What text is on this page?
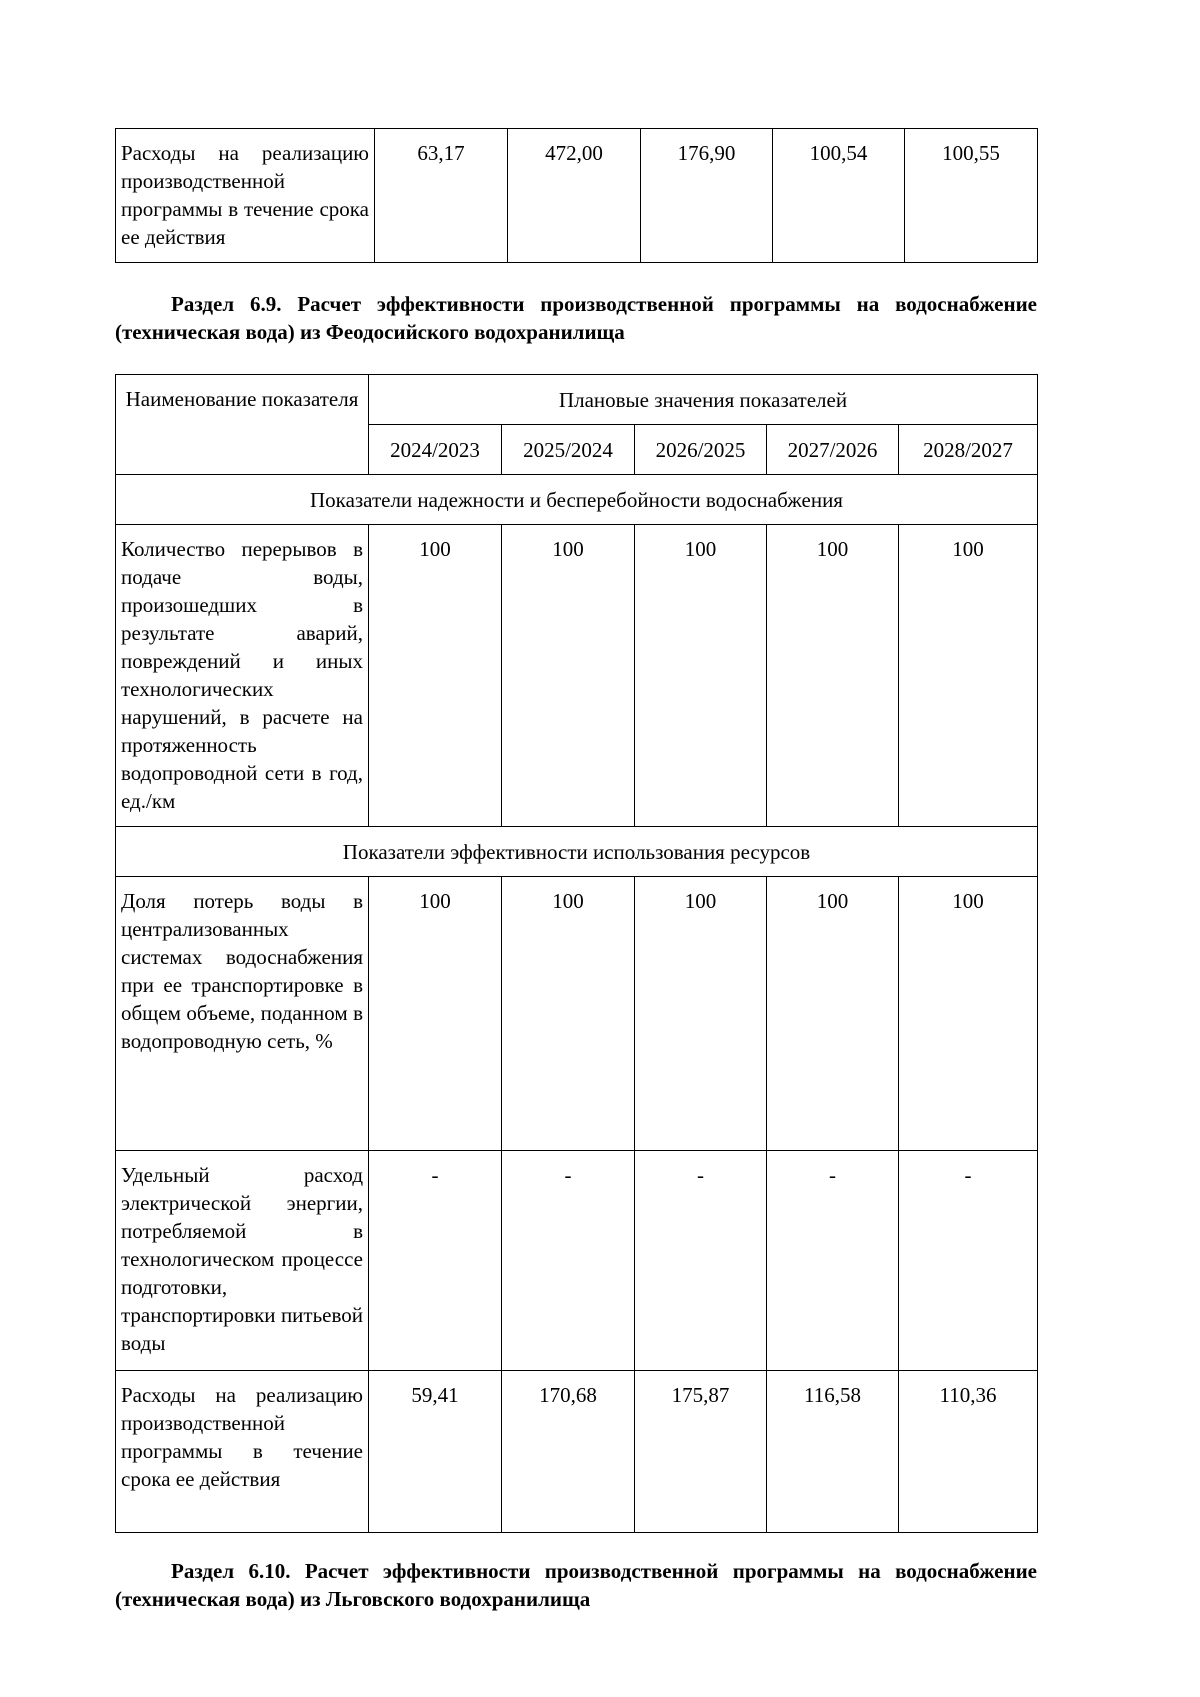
Расходы на реализацию производственной программы в течение срока ее действия	63,17	472,00	176,90	100,54	100,55
Раздел 6.9. Расчет эффективности производственной программы на водоснабжение (техническая вода) из Феодосийского водохранилища
Наименование показателя	Плановые значения показателей				
	2024/2023	2025/2024	2026/2025	2027/2026	2028/2027
Показатели надежности и бесперебойности водоснабжения					
Количество перерывов в подаче воды, произошедших в результате аварий, повреждений и иных технологических нарушений, в расчете на протяженность водопроводной сети в год, ед./км	100	100	100	100	100
Показатели эффективности использования ресурсов					
Доля потерь воды в централизованных системах водоснабжения при ее транспортировке в общем объеме, поданном в водопроводную сеть, %	100	100	100	100	100
Удельный расход электрической энергии, потребляемой в технологическом процессе подготовки, транспортировки питьевой воды	-	-	-	-	-
Расходы на реализацию производственной программы в течение срока ее действия	59,41	170,68	175,87	116,58	110,36
Раздел 6.10. Расчет эффективности производственной программы на водоснабжение (техническая вода) из Льговского водохранилища
